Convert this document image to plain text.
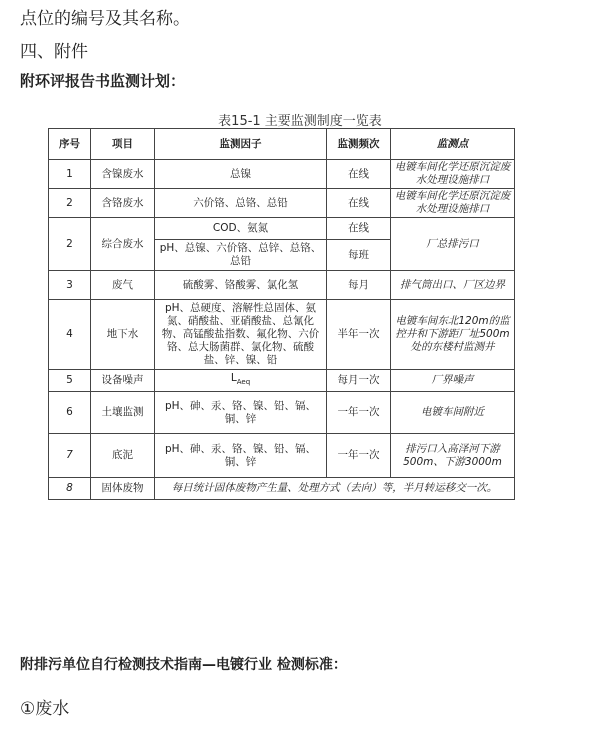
点位的编号及其名称。
四、附件
附环评报告书监测计划：
表15-1 主要监测制度一览表
序号	项目	监测因子	监测频次	监测点
1	含镍废水	总镍	在线	电镀车间化学还原沉淀废水处理设施排口
2	含铬废水	六价铬、总铬、总铅	在线	电镀车间化学还原沉淀废水处理设施排口
2	综合废水	COD、氨氮	在线	厂总排污口
		pH、总镍、六价铬、总锌、总铬、总铅	每班	
3	废气	硫酸雾、铬酸雾、氯化氢	每月	排气筒出口、厂区边界
4	地下水	pH、总硬度、溶解性总固体、氨氮、硝酸盐、亚硝酸盐、总氰化物、高锰酸盐指数、氟化物、六价铬、总大肠菌群、氯化物、硫酸盐、锌、镍、铅	半年一次	电镀车间东北120m的监控井和下游距厂址500m处的东楼村监测井
5	设备噪声	$L_{Aeq}$	每月一次	厂界噪声
6	土壤监测	pH、砷、汞、铬、镍、铅、镉、铜、锌	一年一次	电镀车间附近
7	底泥	pH、砷、汞、铬、镍、铅、镉、铜、锌	一年一次	排污口入高泽河下游500m、下游3000m
8	固体废物	每日统计固体废物产生量、处理方式（去向）等，半月转运移交一次。		
附排污单位自行检测技术指南—电镀行业 检测标准：
①废水
